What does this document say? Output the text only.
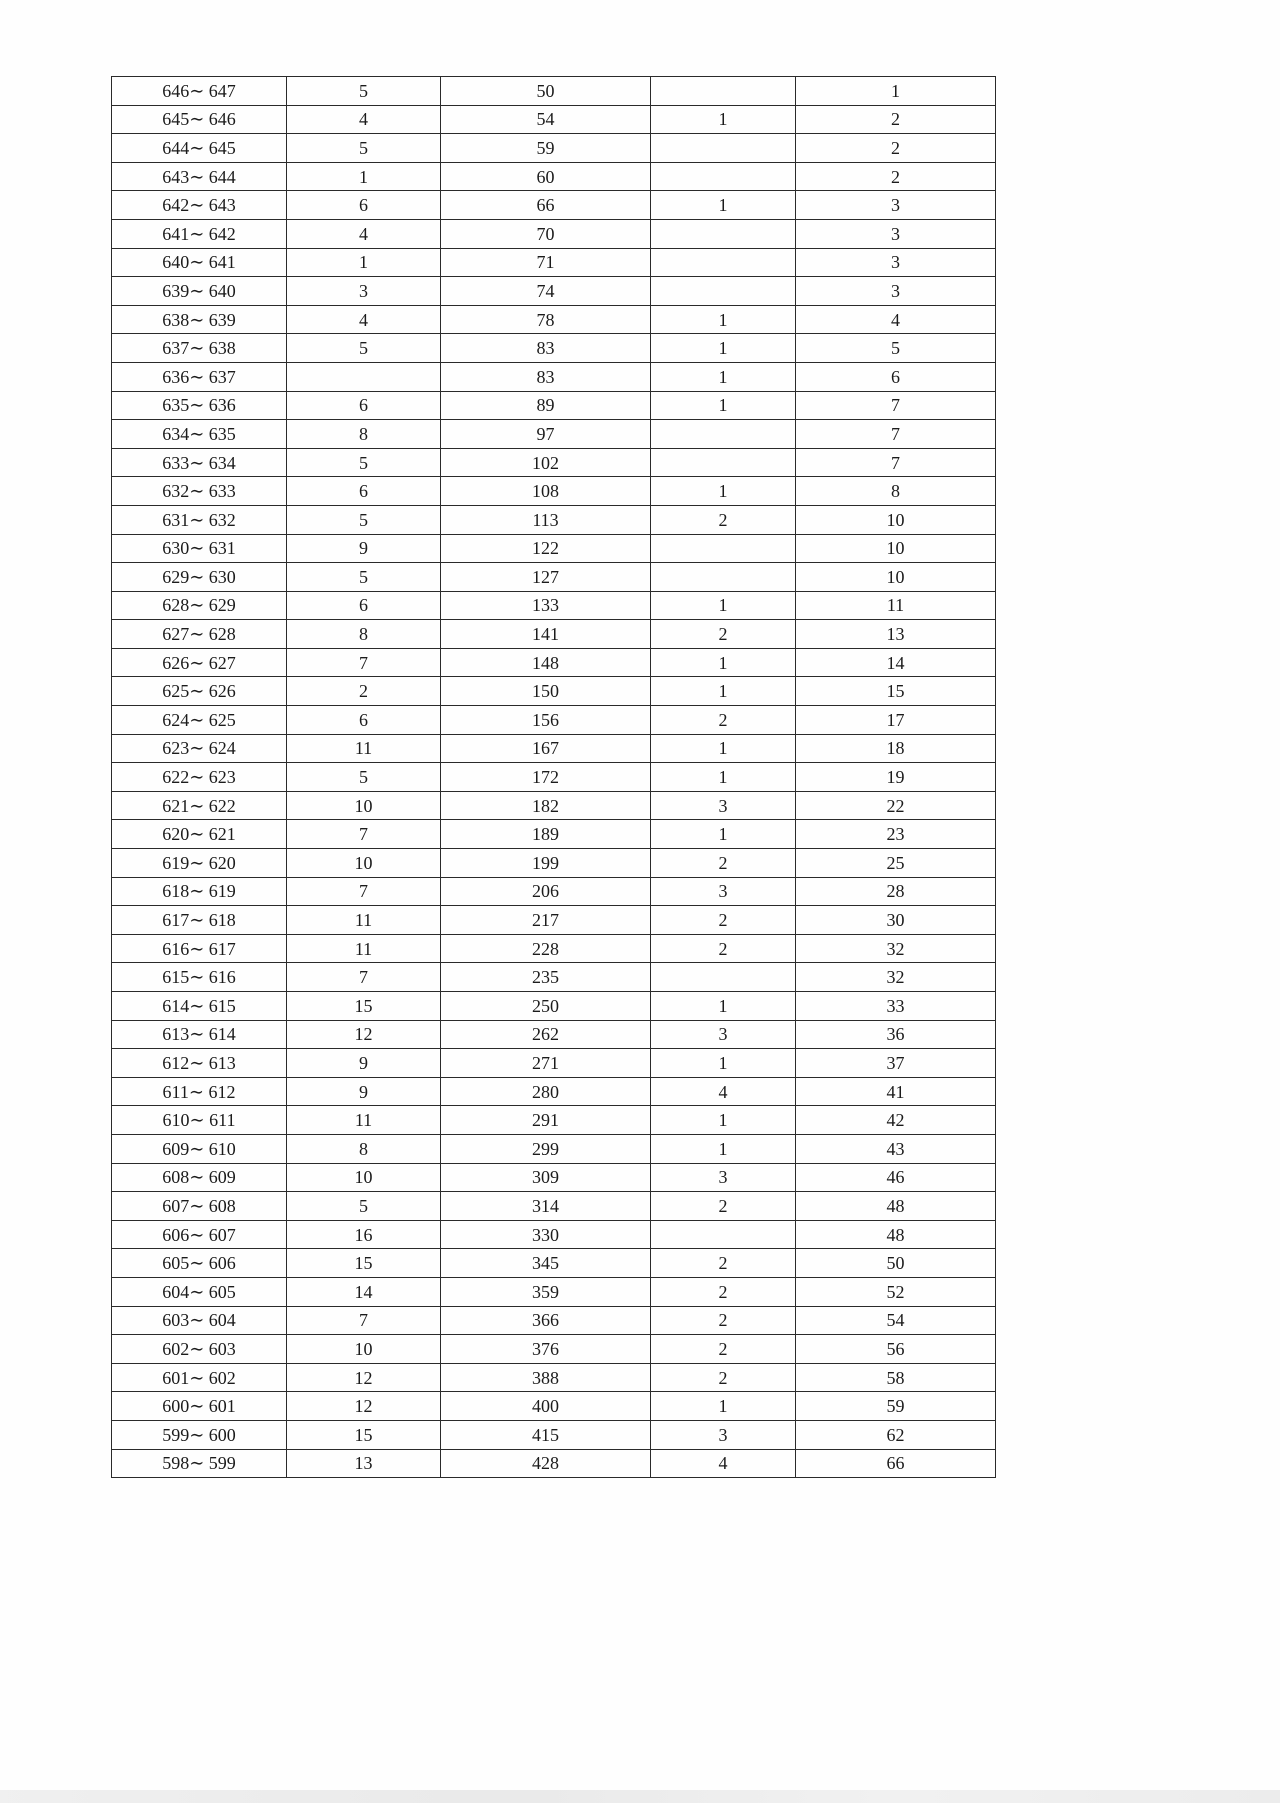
646∼ 647	5	50		1
645∼ 646	4	54	1	2
644∼ 645	5	59		2
643∼ 644	1	60		2
642∼ 643	6	66	1	3
641∼ 642	4	70		3
640∼ 641	1	71		3
639∼ 640	3	74		3
638∼ 639	4	78	1	4
637∼ 638	5	83	1	5
636∼ 637		83	1	6
635∼ 636	6	89	1	7
634∼ 635	8	97		7
633∼ 634	5	102		7
632∼ 633	6	108	1	8
631∼ 632	5	113	2	10
630∼ 631	9	122		10
629∼ 630	5	127		10
628∼ 629	6	133	1	11
627∼ 628	8	141	2	13
626∼ 627	7	148	1	14
625∼ 626	2	150	1	15
624∼ 625	6	156	2	17
623∼ 624	11	167	1	18
622∼ 623	5	172	1	19
621∼ 622	10	182	3	22
620∼ 621	7	189	1	23
619∼ 620	10	199	2	25
618∼ 619	7	206	3	28
617∼ 618	11	217	2	30
616∼ 617	11	228	2	32
615∼ 616	7	235		32
614∼ 615	15	250	1	33
613∼ 614	12	262	3	36
612∼ 613	9	271	1	37
611∼ 612	9	280	4	41
610∼ 611	11	291	1	42
609∼ 610	8	299	1	43
608∼ 609	10	309	3	46
607∼ 608	5	314	2	48
606∼ 607	16	330		48
605∼ 606	15	345	2	50
604∼ 605	14	359	2	52
603∼ 604	7	366	2	54
602∼ 603	10	376	2	56
601∼ 602	12	388	2	58
600∼ 601	12	400	1	59
599∼ 600	15	415	3	62
598∼ 599	13	428	4	66
